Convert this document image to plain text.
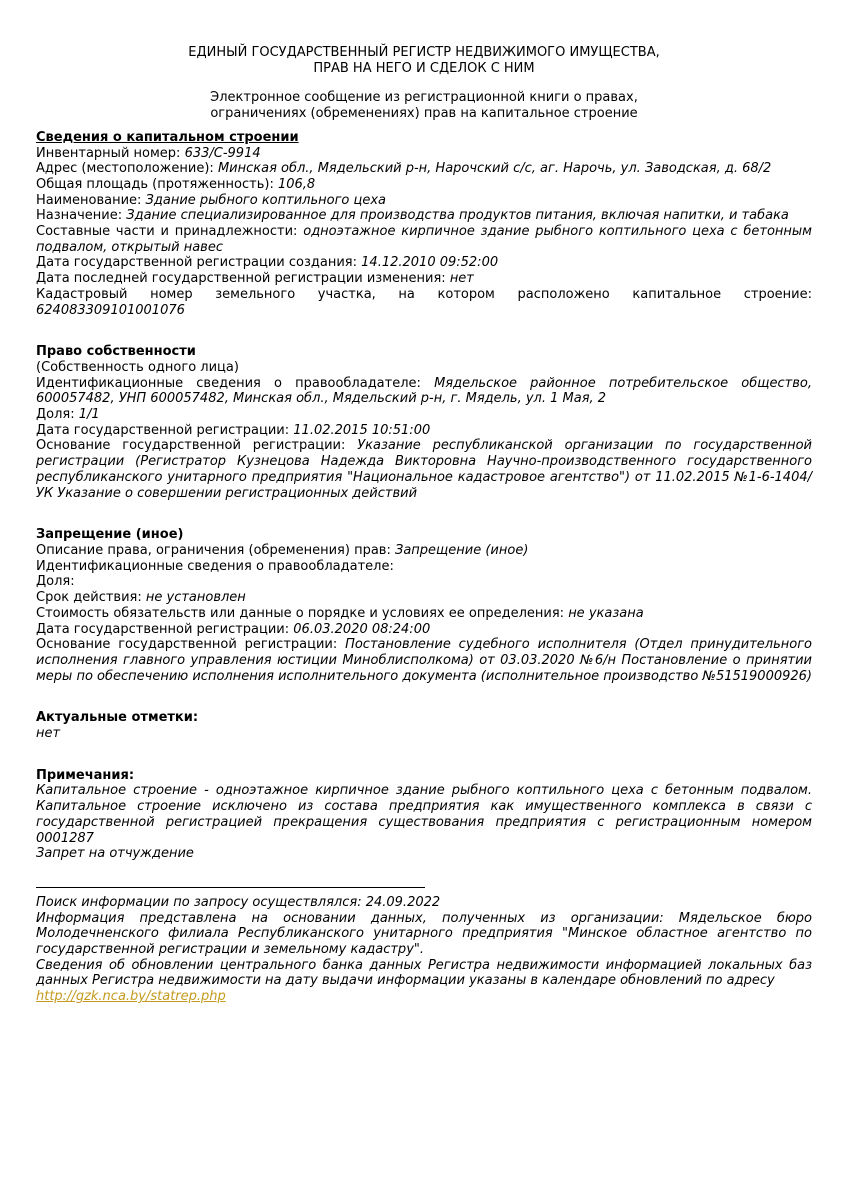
ЕДИНЫЙ ГОСУДАРСТВЕННЫЙ РЕГИСТР НЕДВИЖИМОГО ИМУЩЕСТВА,
ПРАВ НА НЕГО И СДЕЛОК С НИМ
Электронное сообщение из регистрационной книги о правах,
ограничениях (обременениях) прав на капитальное строение
Сведения о капитальном строении
Инвентарный номер: 633/С-9914
Адрес (местоположение): Минская обл., Мядельский р-н, Нарочский с/с, аг. Нарочь, ул. Заводская, д. 68/2
Общая площадь (протяженность): 106,8
Наименование: Здание рыбного коптильного цеха
Назначение: Здание специализированное для производства продуктов питания, включая напитки, и табака
Составные части и принадлежности: одноэтажное кирпичное здание рыбного коптильного цеха с бетонным подвалом, открытый навес
Дата государственной регистрации создания: 14.12.2010 09:52:00
Дата последней государственной регистрации изменения: нет
Кадастровый номер земельного участка, на котором расположено капитальное строение: 624083309101001076
Право собственности
(Собственность одного лица)
Идентификационные сведения о правообладателе: Мядельское районное потребительское общество, 600057482, УНП 600057482, Минская обл., Мядельский р-н, г. Мядель, ул. 1 Мая, 2
Доля: 1/1
Дата государственной регистрации: 11.02.2015 10:51:00
Основание государственной регистрации: Указание республиканской организации по государственной регистрации (Регистратор Кузнецова Надежда Викторовна Научно-производственного государственного республиканского унитарного предприятия "Национальное кадастровое агентство") от 11.02.2015 №1-6-1404/УК Указание о совершении регистрационных действий
Запрещение (иное)
Описание права, ограничения (обременения) прав: Запрещение (иное)
Идентификационные сведения о правообладателе:
Доля:
Срок действия: не установлен
Стоимость обязательств или данные о порядке и условиях ее определения: не указана
Дата государственной регистрации: 06.03.2020 08:24:00
Основание государственной регистрации: Постановление судебного исполнителя (Отдел принудительного исполнения главного управления юстиции Миноблисполкома) от 03.03.2020 №6/н Постановление о принятии меры по обеспечению исполнения исполнительного документа (исполнительное производство №51519000926)
Актуальные отметки:
нет
Примечания:
Капитальное строение - одноэтажное кирпичное здание рыбного коптильного цеха с бетонным подвалом. Капитальное строение исключено из состава предприятия как имущественного комплекса в связи с государственной регистрацией прекращения существования предприятия с регистрационным номером 0001287
Запрет на отчуждение
Поиск информации по запросу осуществлялся: 24.09.2022

Информация представлена на основании данных, полученных из организации: Мядельское бюро Молодечненского филиала Республиканского унитарного предприятия "Минское областное агентство по государственной регистрации и земельному кадастру".

Сведения об обновлении центрального банка данных Регистра недвижимости информацией локальных баз данных Регистра недвижимости на дату выдачи информации указаны в календаре обновлений по адресу

http://gzk.nca.by/statrep.php
